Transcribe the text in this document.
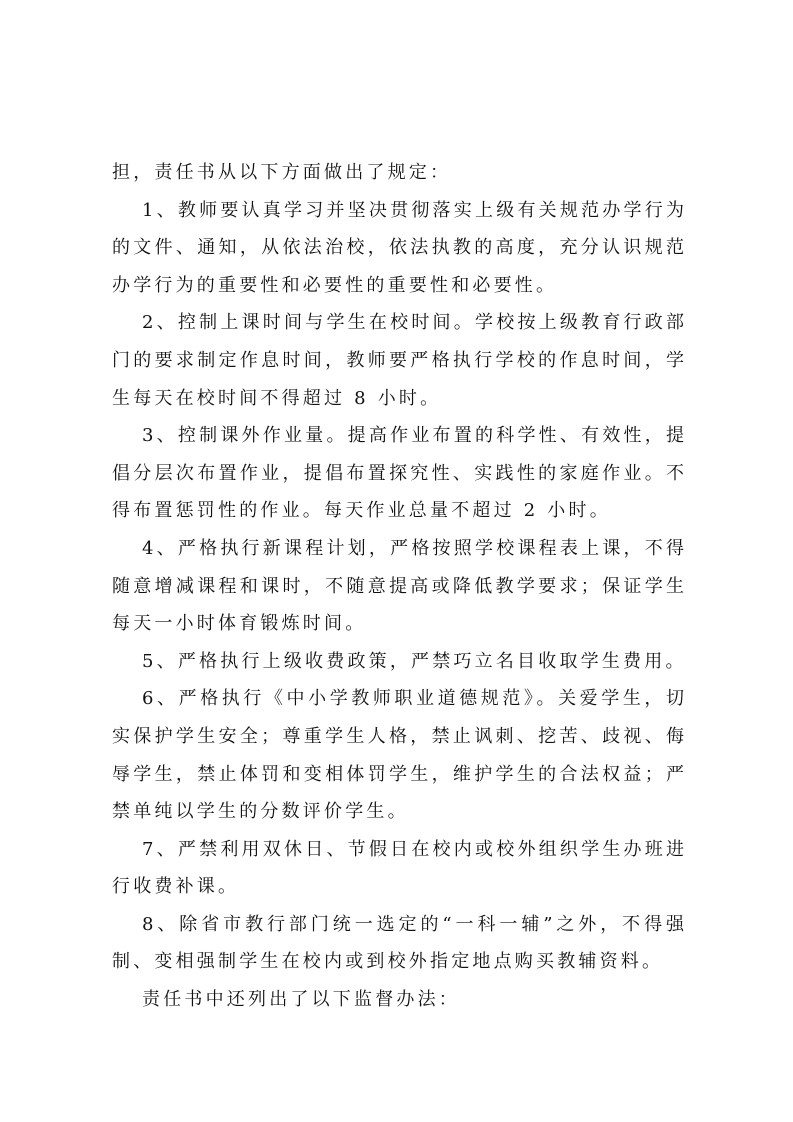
担，责任书从以下方面做出了规定：
1、教师要认真学习并坚决贯彻落实上级有关规范办学行为
的文件、通知，从依法治校，依法执教的高度，充分认识规范
办学行为的重要性和必要性的重要性和必要性。
2、控制上课时间与学生在校时间。学校按上级教育行政部
门的要求制定作息时间，教师要严格执行学校的作息时间，学
生每天在校时间不得超过 8 小时。
3、控制课外作业量。提高作业布置的科学性、有效性，提
倡分层次布置作业，提倡布置探究性、实践性的家庭作业。不
得布置惩罚性的作业。每天作业总量不超过 2 小时。
4、严格执行新课程计划，严格按照学校课程表上课，不得
随意增减课程和课时，不随意提高或降低教学要求；保证学生
每天一小时体育锻炼时间。
5、严格执行上级收费政策，严禁巧立名目收取学生费用。
6、严格执行《中小学教师职业道德规范》。关爱学生，切
实保护学生安全；尊重学生人格，禁止讽刺、挖苦、歧视、侮
辱学生，禁止体罚和变相体罚学生，维护学生的合法权益；严
禁单纯以学生的分数评价学生。
7、严禁利用双休日、节假日在校内或校外组织学生办班进
行收费补课。
8、除省市教行部门统一选定的“一科一辅”之外，不得强
制、变相强制学生在校内或到校外指定地点购买教辅资料。
责任书中还列出了以下监督办法：
